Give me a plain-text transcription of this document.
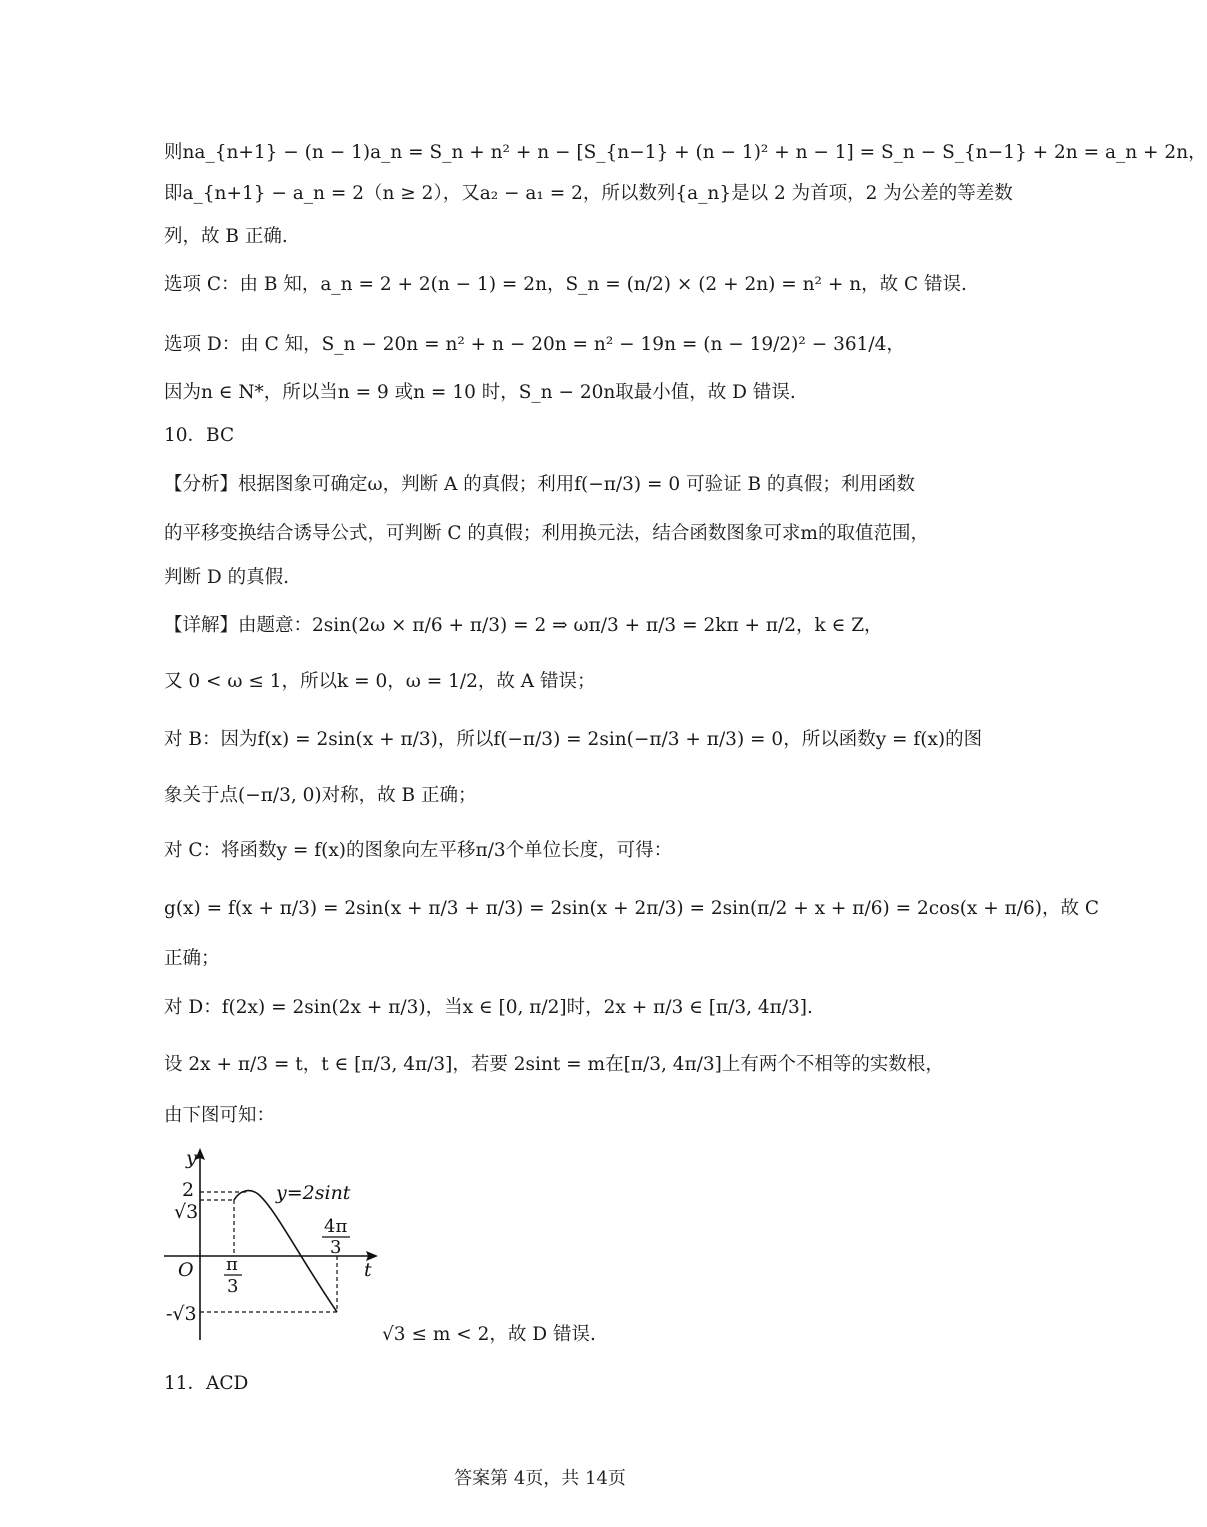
则na_{n+1} − (n − 1)a_n = S_n + n² + n − [S_{n−1} + (n − 1)² + n − 1] = S_n − S_{n−1} + 2n = a_n + 2n，
即a_{n+1} − a_n = 2（n ≥ 2），又a₂ − a₁ = 2，所以数列{a_n}是以 2 为首项，2 为公差的等差数
列，故 B 正确.
选项 C：由 B 知，a_n = 2 + 2(n − 1) = 2n，S_n = (n/2) × (2 + 2n) = n² + n，故 C 错误.
选项 D：由 C 知，S_n − 20n = n² + n − 20n = n² − 19n = (n − 19/2)² − 361/4，
因为n ∈ N*，所以当n = 9 或n = 10 时，S_n − 20n取最小值，故 D 错误.
10．BC
【分析】根据图象可确定ω，判断 A 的真假；利用f(−π/3) = 0 可验证 B 的真假；利用函数
的平移变换结合诱导公式，可判断 C 的真假；利用换元法，结合函数图象可求m的取值范围，
判断 D 的真假.
【详解】由题意：2sin(2ω × π/6 + π/3) = 2 ⇒ ωπ/3 + π/3 = 2kπ + π/2，k ∈ Z，
又 0 < ω ≤ 1，所以k = 0，ω = 1/2，故 A 错误；
对 B：因为f(x) = 2sin(x + π/3)，所以f(−π/3) = 2sin(−π/3 + π/3) = 0，所以函数y = f(x)的图
象关于点(−π/3, 0)对称，故 B 正确；
对 C：将函数y = f(x)的图象向左平移π/3个单位长度，可得：
g(x) = f(x + π/3) = 2sin(x + π/3 + π/3) = 2sin(x + 2π/3) = 2sin(π/2 + x + π/6) = 2cos(x + π/6)，故 C
正确；
对 D：f(2x) = 2sin(2x + π/3)，当x ∈ [0, π/2]时，2x + π/3 ∈ [π/3, 4π/3].
设 2x + π/3 = t，t ∈ [π/3, 4π/3]，若要 2sint = m在[π/3, 4π/3]上有两个不相等的实数根，
由下图可知：
y
t
O
2
√3
-√3
π
3
4π
3
y=2sint
√3 ≤ m < 2，故 D 错误.
11．ACD
答案第 4页，共 14页
